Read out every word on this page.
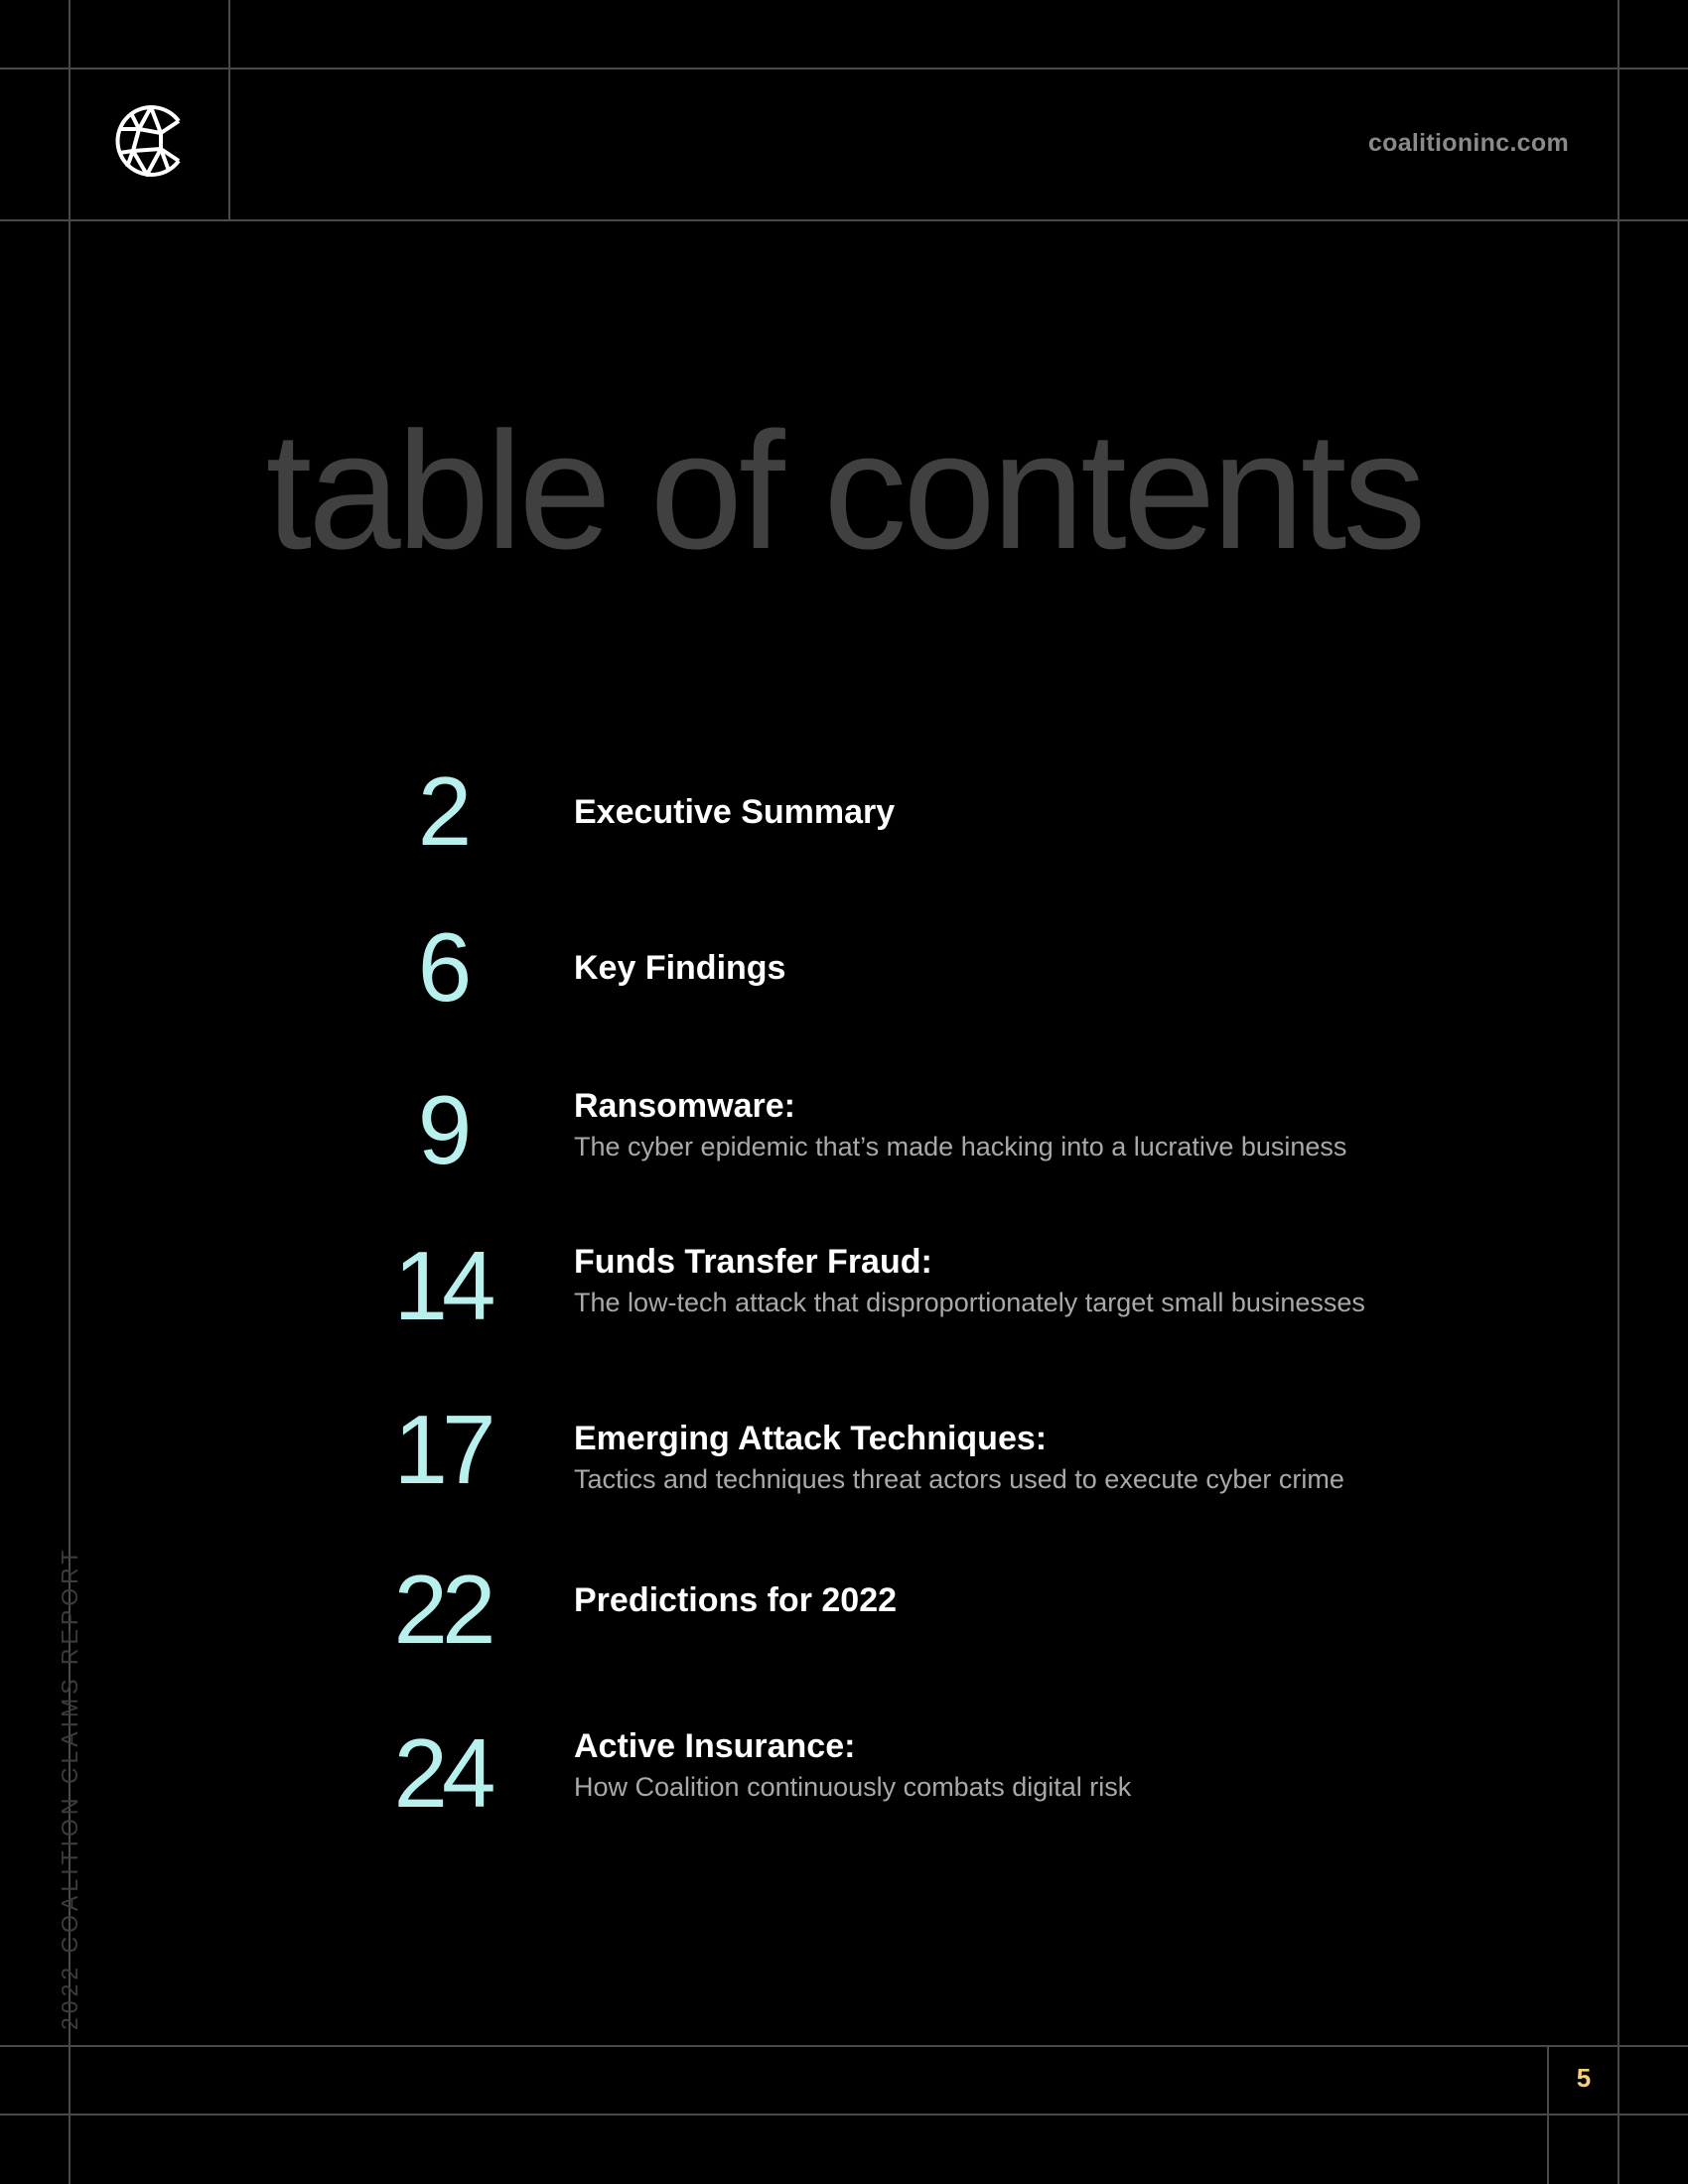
coalitioninc.com
table of contents
2	Executive Summary
6	Key Findings
9	Ransomware:
The cyber epidemic that’s made hacking into a lucrative business
14	Funds Transfer Fraud:
The low-tech attack that disproportionately target small businesses
17	Emerging Attack Techniques:
Tactics and techniques threat actors used to execute cyber crime
22	Predictions for 2022
24	Active Insurance:
How Coalition continuously combats digital risk
2022 COALITION CLAIMS REPORT
5
